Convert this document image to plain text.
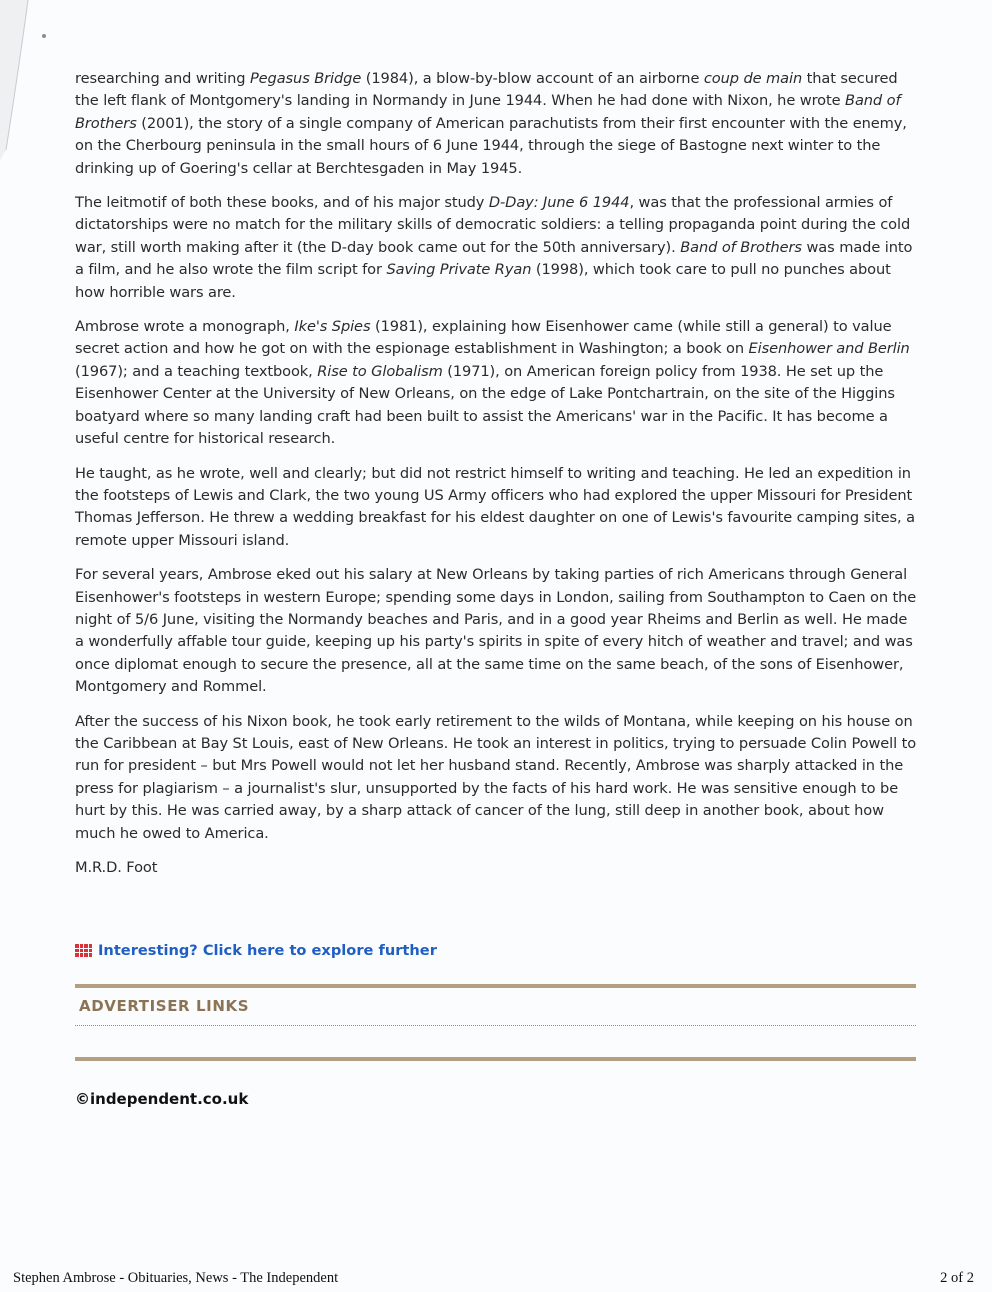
researching and writing Pegasus Bridge (1984), a blow-by-blow account of an airborne coup de main that secured the left flank of Montgomery's landing in Normandy in June 1944. When he had done with Nixon, he wrote Band of Brothers (2001), the story of a single company of American parachutists from their first encounter with the enemy, on the Cherbourg peninsula in the small hours of 6 June 1944, through the siege of Bastogne next winter to the drinking up of Goering's cellar at Berchtesgaden in May 1945.

The leitmotif of both these books, and of his major study D-Day: June 6 1944, was that the professional armies of dictatorships were no match for the military skills of democratic soldiers: a telling propaganda point during the cold war, still worth making after it (the D-day book came out for the 50th anniversary). Band of Brothers was made into a film, and he also wrote the film script for Saving Private Ryan (1998), which took care to pull no punches about how horrible wars are.

Ambrose wrote a monograph, Ike's Spies (1981), explaining how Eisenhower came (while still a general) to value secret action and how he got on with the espionage establishment in Washington; a book on Eisenhower and Berlin (1967); and a teaching textbook, Rise to Globalism (1971), on American foreign policy from 1938. He set up the Eisenhower Center at the University of New Orleans, on the edge of Lake Pontchartrain, on the site of the Higgins boatyard where so many landing craft had been built to assist the Americans' war in the Pacific. It has become a useful centre for historical research.

He taught, as he wrote, well and clearly; but did not restrict himself to writing and teaching. He led an expedition in the footsteps of Lewis and Clark, the two young US Army officers who had explored the upper Missouri for President Thomas Jefferson. He threw a wedding breakfast for his eldest daughter on one of Lewis's favourite camping sites, a remote upper Missouri island.

For several years, Ambrose eked out his salary at New Orleans by taking parties of rich Americans through General Eisenhower's footsteps in western Europe; spending some days in London, sailing from Southampton to Caen on the night of 5/6 June, visiting the Normandy beaches and Paris, and in a good year Rheims and Berlin as well. He made a wonderfully affable tour guide, keeping up his party's spirits in spite of every hitch of weather and travel; and was once diplomat enough to secure the presence, all at the same time on the same beach, of the sons of Eisenhower, Montgomery and Rommel.

After the success of his Nixon book, he took early retirement to the wilds of Montana, while keeping on his house on the Caribbean at Bay St Louis, east of New Orleans. He took an interest in politics, trying to persuade Colin Powell to run for president – but Mrs Powell would not let her husband stand. Recently, Ambrose was sharply attacked in the press for plagiarism – a journalist's slur, unsupported by the facts of his hard work. He was sensitive enough to be hurt by this. He was carried away, by a sharp attack of cancer of the lung, still deep in another book, about how much he owed to America.

M.R.D. Foot

Interesting? Click here to explore further
ADVERTISER LINKS
©independent.co.uk
Stephen Ambrose - Obituaries, News - The Independent	2 of 2
